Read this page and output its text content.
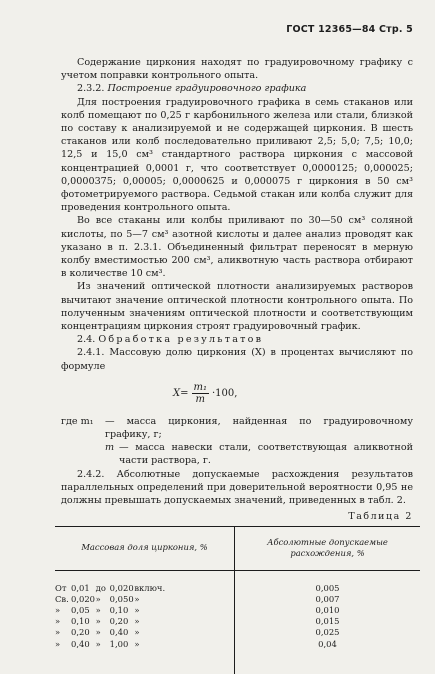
ГОСТ 12365—84 Стр. 5

Содержание циркония находят по градуировочному графику с учетом поправки контрольного опыта.

2.3.2. Построение градуировочного графика

Для построения градуировочного графика в семь стаканов или колб помещают по 0,25 г карбонильного железа или стали, близкой по составу к анализируемой и не содержащей циркония. В шесть стаканов или колб последовательно приливают 2,5; 5,0; 7,5; 10,0; 12,5 и 15,0 см³ стандартного раствора циркония с массовой концентрацией 0,0001 г, что соответствует 0,0000125; 0,000025; 0,0000375; 0,00005; 0,0000625 и 0,000075 г циркония в 50 см³ фотометрируемого раствора. Седьмой стакан или колба служит для проведения контрольного опыта.

Во все стаканы или колбы приливают по 30—50 см³ соляной кислоты, по 5—7 см³ азотной кислоты и далее анализ проводят как указано в п. 2.3.1. Объединенный фильтрат переносят в мерную колбу вместимостью 200 см³, аликвотную часть раствора отбирают в количестве 10 см³.

Из значений оптической плотности анализируемых растворов вычитают значение оптической плотности контрольного опыта. По полученным значениям оптической плотности и соответствующим концентрациям циркония строят градуировочный график.

2.4. Обработка результатов

2.4.1. Массовую долю циркония (X) в процентах вычисляют по формуле

$X= \frac{\text{m₁}}{m} \cdot 100$,
где m₁	— масса циркония, найденная по градуировочному графику, г;
m — масса навески стали, соответствующая аликвотной части раствора, г.

2.4.2. Абсолютные допускаемые расхождения результатов параллельных определений при доверительной вероятности 0,95 не должны превышать допускаемых значений, приведенных в табл. 2.

Таблица 2
Массовая доля циркония, %	Абсолютные допускаемые расхождения, %
От 0,01 до 0,020 включ.	0,005
Св. 0,020 » 0,050 »	0,007
» 0,05 » 0,10 »	0,010
» 0,10 » 0,20 »	0,015
» 0,20 » 0,40 »	0,025
» 0,40 » 1,00 »	0,04
